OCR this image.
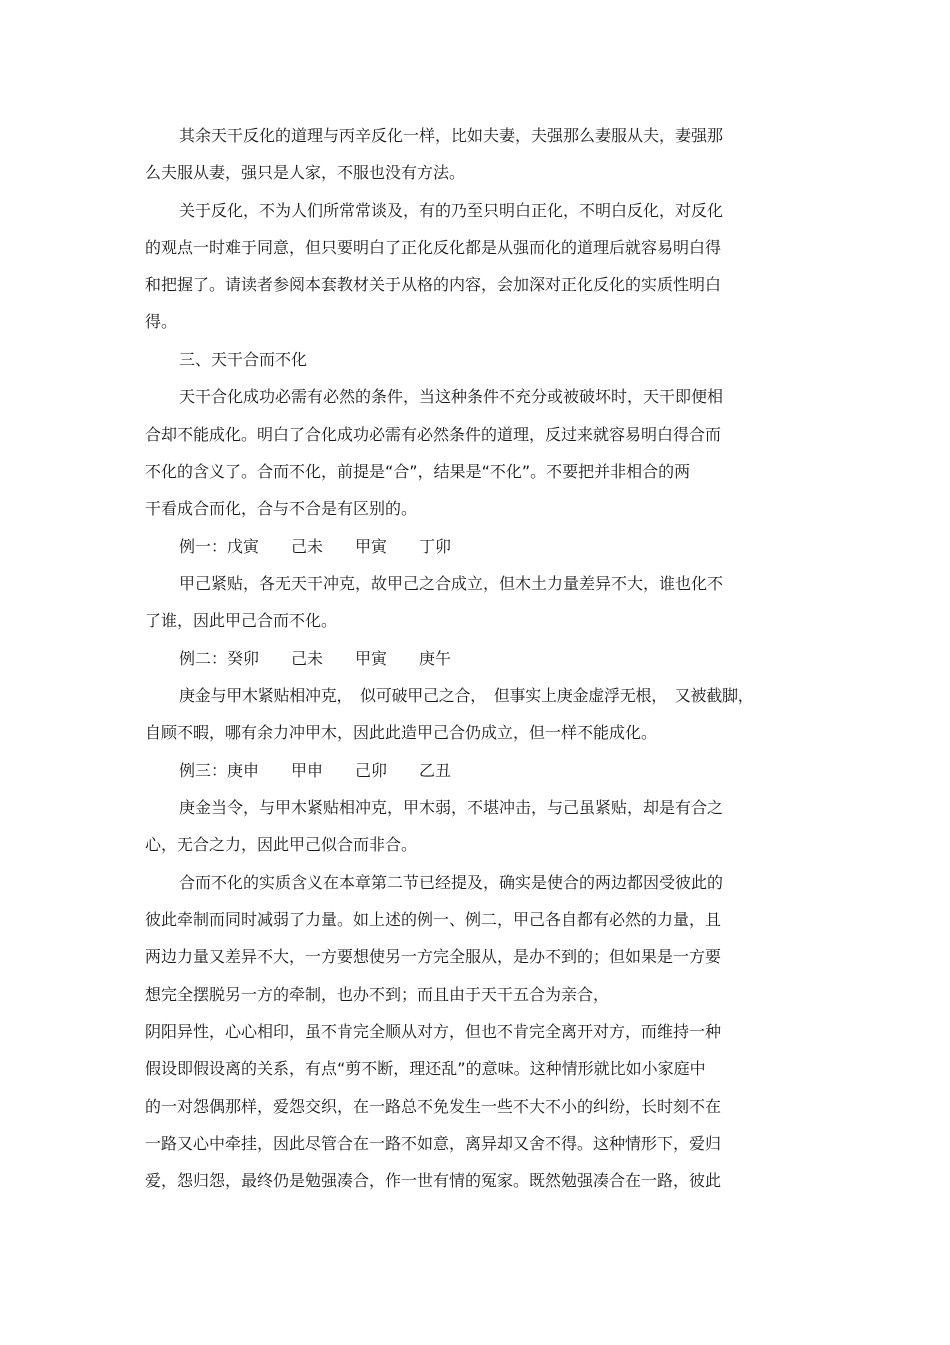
其余天干反化的道理与丙辛反化一样，比如夫妻，夫强那么妻服从夫，妻强那
么夫服从妻，强只是人家，不服也没有方法。
关于反化，不为人们所常常谈及，有的乃至只明白正化，不明白反化，对反化
的观点一时难于同意，但只要明白了正化反化都是从强而化的道理后就容易明白得
和把握了。请读者参阅本套教材关于从格的内容，会加深对正化反化的实质性明白
得。
三、天干合而不化
天干合化成功必需有必然的条件，当这种条件不充分或被破坏时，天干即便相
合却不能成化。明白了合化成功必需有必然条件的道理，反过来就容易明白得合而
不化的含义了。合而不化，前提是“合”，结果是“不化”。不要把并非相合的两
干看成合而化，合与不合是有区别的。
例一：戊寅　　己未　　甲寅　　丁卯
甲己紧贴，各无天干冲克，故甲己之合成立，但木土力量差异不大，谁也化不
了谁，因此甲己合而不化。
例二：癸卯　　己未　　甲寅　　庚午
庚金与甲木紧贴相冲克，　似可破甲己之合，　但事实上庚金虚浮无根，　又被截脚，
自顾不暇，哪有余力冲甲木，因此此造甲己合仍成立，但一样不能成化。
例三：庚申　　甲申　　己卯　　乙丑
庚金当令，与甲木紧贴相冲克，甲木弱，不堪冲击，与己虽紧贴，却是有合之
心，无合之力，因此甲己似合而非合。
合而不化的实质含义在本章第二节已经提及，确实是使合的两边都因受彼此的
彼此牵制而同时减弱了力量。如上述的例一、例二，甲己各自都有必然的力量，且
两边力量又差异不大，一方要想使另一方完全服从，是办不到的；但如果是一方要
想完全摆脱另一方的牵制，也办不到；而且由于天干五合为亲合，
阴阳异性，心心相印，虽不肯完全顺从对方，但也不肯完全离开对方，而维持一种
假设即假设离的关系，有点“剪不断，理还乱”的意味。这种情形就比如小家庭中
的一对怨偶那样，爱怨交织，在一路总不免发生一些不大不小的纠纷，长时刻不在
一路又心中牵挂，因此尽管合在一路不如意，离异却又舍不得。这种情形下，爱归
爱，怨归怨，最终仍是勉强凑合，作一世有情的冤家。既然勉强凑合在一路，彼此
